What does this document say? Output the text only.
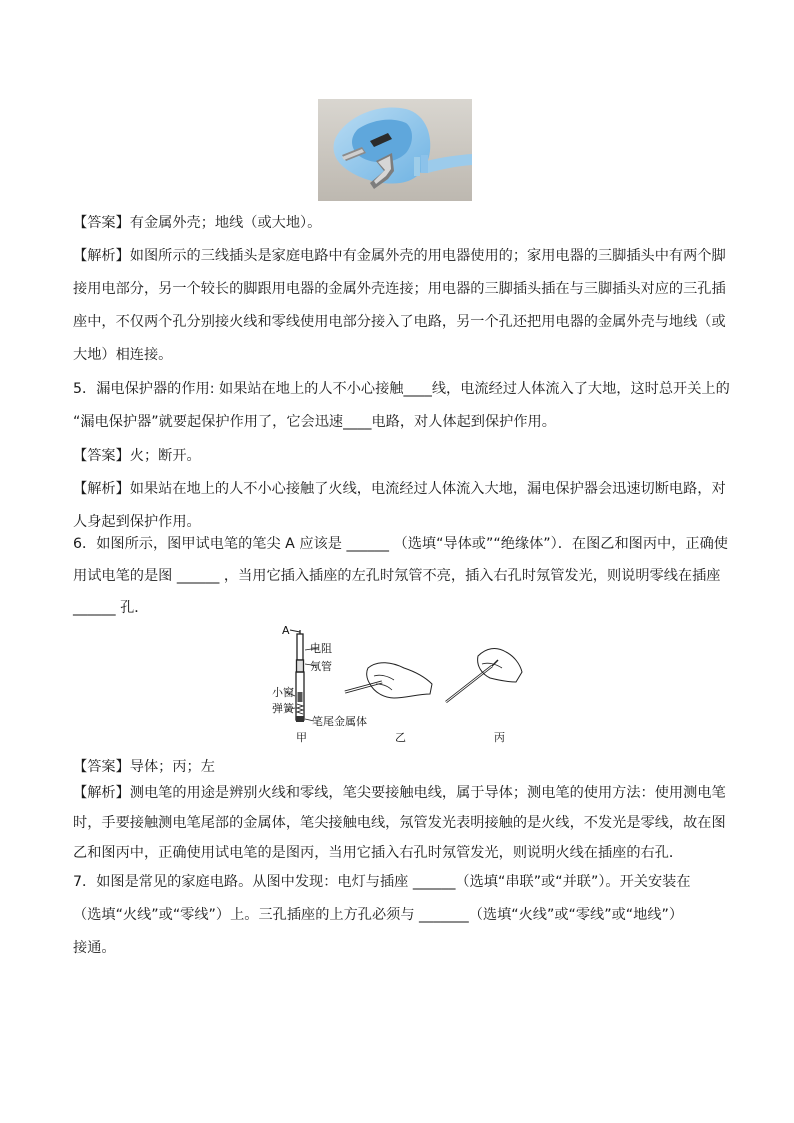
【答案】有金属外壳；地线（或大地）。

【解析】如图所示的三线插头是家庭电路中有金属外壳的用电器使用的；家用电器的三脚插头中有两个脚
接用电部分，另一个较长的脚跟用电器的金属外壳连接；用电器的三脚插头插在与三脚插头对应的三孔插
座中，不仅两个孔分别接火线和零线使用电部分接入了电路，另一个孔还把用电器的金属外壳与地线（或
大地）相连接。

5．漏电保护器的作用: 如果站在地上的人不小心接触____线，电流经过人体流入了大地，这时总开关上的
“漏电保护器”就要起保护作用了，它会迅速____电路，对人体起到保护作用。

【答案】火；断开。

【解析】如果站在地上的人不小心接触了火线，电流经过人体流入大地，漏电保护器会迅速切断电路，对
人身起到保护作用。

6．如图所示，图甲试电笔的笔尖 A 应该是 ______ （选填“导体或”“绝缘体”）．在图乙和图丙中，正确使
用试电笔的是图 ______ ，当用它插入插座的左孔时氖管不亮，插入右孔时氖管发光，则说明零线在插座
______ 孔．

A
电阻
氖管
小窗
弹簧
笔尾金属体
甲	乙	丙

【答案】导体；丙；左

【解析】测电笔的用途是辨别火线和零线，笔尖要接触电线，属于导体；测电笔的使用方法：使用测电笔
时，手要接触测电笔尾部的金属体，笔尖接触电线，氖管发光表明接触的是火线，不发光是零线，故在图
乙和图丙中，正确使用试电笔的是图丙，当用它插入右孔时氖管发光，则说明火线在插座的右孔．

7．如图是常见的家庭电路。从图中发现：电灯与插座 ______（选填“串联”或“并联”）。开关安装在
（选填“火线”或“零线”）上。三孔插座的上方孔必须与 _______（选填“火线”或“零线”或“地线”）
接通。
